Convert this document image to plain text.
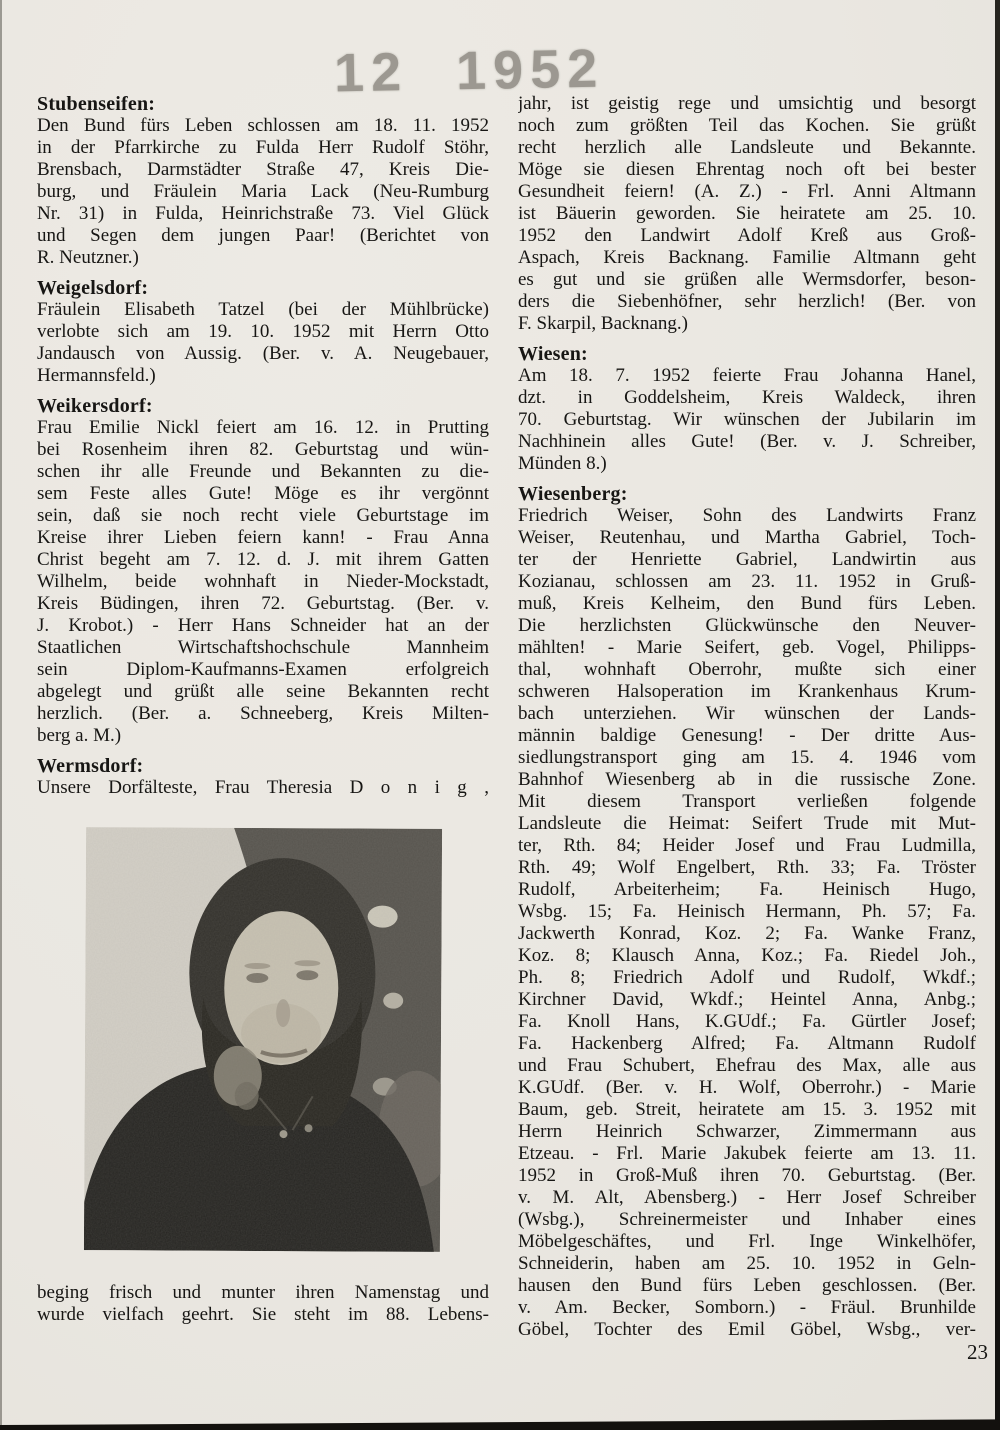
12 1952
Stubenseifen:
Den Bund fürs Leben schlossen am 18. 11. 1952
in der Pfarrkirche zu Fulda Herr Rudolf Stöhr,
Brensbach, Darmstädter Straße 47, Kreis Die-
burg, und Fräulein Maria Lack (Neu-Rumburg
Nr. 31) in Fulda, Heinrichstraße 73. Viel Glück
und Segen dem jungen Paar! (Berichtet von
R. Neutzner.)
Weigelsdorf:
Fräulein Elisabeth Tatzel (bei der Mühlbrücke)
verlobte sich am 19. 10. 1952 mit Herrn Otto
Jandausch von Aussig. (Ber. v. A. Neugebauer,
Hermannsfeld.)
Weikersdorf:
Frau Emilie Nickl feiert am 16. 12. in Prutting
bei Rosenheim ihren 82. Geburtstag und wün-
schen ihr alle Freunde und Bekannten zu die-
sem Feste alles Gute! Möge es ihr vergönnt
sein, daß sie noch recht viele Geburtstage im
Kreise ihrer Lieben feiern kann! - Frau Anna
Christ begeht am 7. 12. d. J. mit ihrem Gatten
Wilhelm, beide wohnhaft in Nieder-Mockstadt,
Kreis Büdingen, ihren 72. Geburtstag. (Ber. v.
J. Krobot.) - Herr Hans Schneider hat an der
Staatlichen Wirtschaftshochschule Mannheim
sein Diplom-Kaufmanns-Examen erfolgreich
abgelegt und grüßt alle seine Bekannten recht
herzlich. (Ber. a. Schneeberg, Kreis Milten-
berg a. M.)
Wermsdorf:
Unsere Dorfälteste, Frau Theresia D o n i g ,
jahr, ist geistig rege und umsichtig und besorgt
noch zum größten Teil das Kochen. Sie grüßt
recht herzlich alle Landsleute und Bekannte.
Möge sie diesen Ehrentag noch oft bei bester
Gesundheit feiern! (A. Z.) - Frl. Anni Altmann
ist Bäuerin geworden. Sie heiratete am 25. 10.
1952 den Landwirt Adolf Kreß aus Groß-
Aspach, Kreis Backnang. Familie Altmann geht
es gut und sie grüßen alle Wermsdorfer, beson-
ders die Siebenhöfner, sehr herzlich! (Ber. von
F. Skarpil, Backnang.)
Wiesen:
Am 18. 7. 1952 feierte Frau Johanna Hanel,
dzt. in Goddelsheim, Kreis Waldeck, ihren
70. Geburtstag. Wir wünschen der Jubilarin im
Nachhinein alles Gute! (Ber. v. J. Schreiber,
Münden 8.)
Wiesenberg:
Friedrich Weiser, Sohn des Landwirts Franz
Weiser, Reutenhau, und Martha Gabriel, Toch-
ter der Henriette Gabriel, Landwirtin aus
Kozianau, schlossen am 23. 11. 1952 in Gruß-
muß, Kreis Kelheim, den Bund fürs Leben.
Die herzlichsten Glückwünsche den Neuver-
mählten! - Marie Seifert, geb. Vogel, Philipps-
thal, wohnhaft Oberrohr, mußte sich einer
schweren Halsoperation im Krankenhaus Krum-
bach unterziehen. Wir wünschen der Lands-
männin baldige Genesung! - Der dritte Aus-
siedlungstransport ging am 15. 4. 1946 vom
Bahnhof Wiesenberg ab in die russische Zone.
Mit diesem Transport verließen folgende
Landsleute die Heimat: Seifert Trude mit Mut-
ter, Rth. 84; Heider Josef und Frau Ludmilla,
Rth. 49; Wolf Engelbert, Rth. 33; Fa. Tröster
Rudolf, Arbeiterheim; Fa. Heinisch Hugo,
Wsbg. 15; Fa. Heinisch Hermann, Ph. 57; Fa.
Jackwerth Konrad, Koz. 2; Fa. Wanke Franz,
Koz. 8; Klausch Anna, Koz.; Fa. Riedel Joh.,
Ph. 8; Friedrich Adolf und Rudolf, Wkdf.;
Kirchner David, Wkdf.; Heintel Anna, Anbg.;
Fa. Knoll Hans, K.GUdf.; Fa. Gürtler Josef;
Fa. Hackenberg Alfred; Fa. Altmann Rudolf
und Frau Schubert, Ehefrau des Max, alle aus
K.GUdf. (Ber. v. H. Wolf, Oberrohr.) - Marie
Baum, geb. Streit, heiratete am 15. 3. 1952 mit
Herrn Heinrich Schwarzer, Zimmermann aus
Etzeau. - Frl. Marie Jakubek feierte am 13. 11.
1952 in Groß-Muß ihren 70. Geburtstag. (Ber.
v. M. Alt, Abensberg.) - Herr Josef Schreiber
(Wsbg.), Schreinermeister und Inhaber eines
Möbelgeschäftes, und Frl. Inge Winkelhöfer,
Schneiderin, haben am 25. 10. 1952 in Geln-
hausen den Bund fürs Leben geschlossen. (Ber.
v. Am. Becker, Somborn.) - Fräul. Brunhilde
Göbel, Tochter des Emil Göbel, Wsbg., ver-
beging frisch und munter ihren Namenstag und
wurde vielfach geehrt. Sie steht im 88. Lebens-
23
